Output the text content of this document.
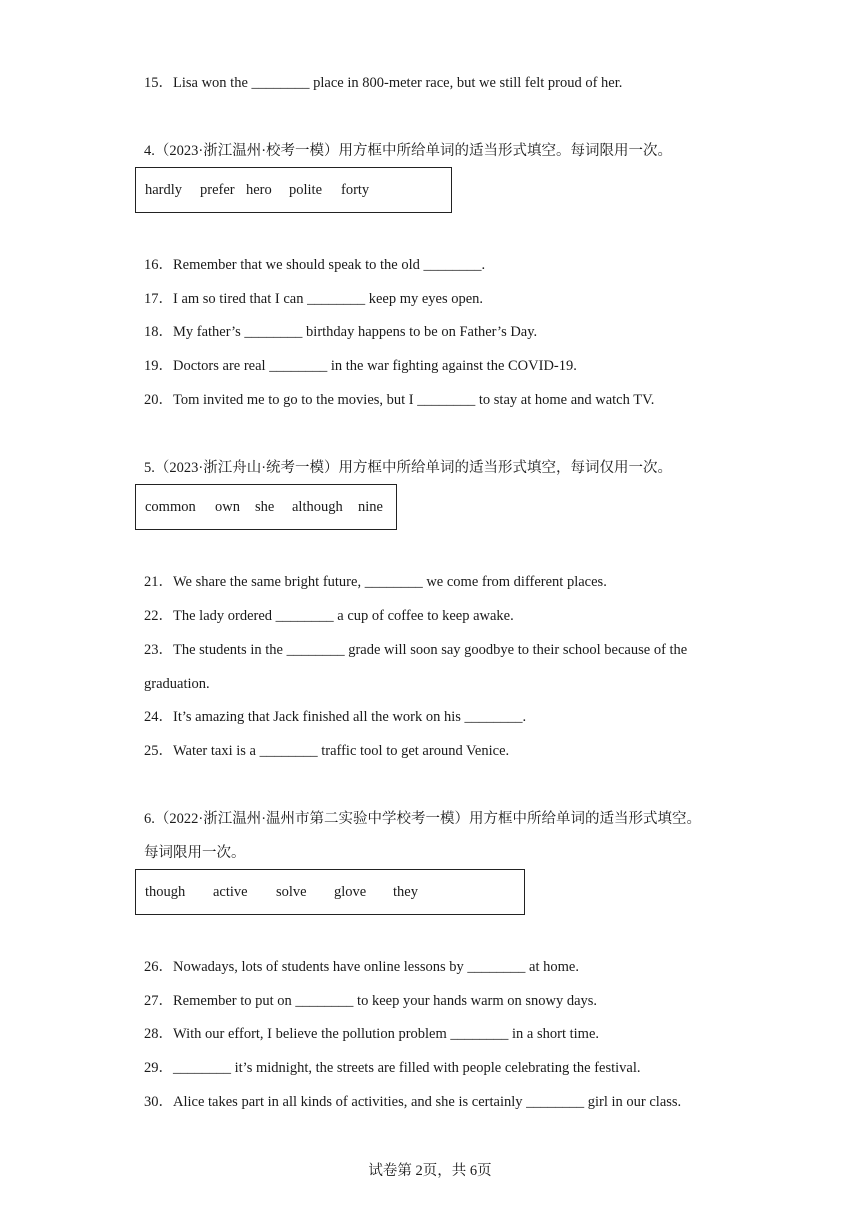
15．Lisa won the ________ place in 800-meter race, but we still felt proud of her.
4.（2023·浙江温州·校考一模）用方框中所给单词的适当形式填空。每词限用一次。
hardly	prefer hero	polite	forty
16．Remember that we should speak to the old ________.
17．I am so tired that I can ________ keep my eyes open.
18．My father’s ________ birthday happens to be on Father’s Day.
19．Doctors are real ________ in the war fighting against the COVID-19.
20．Tom invited me to go to the movies, but I ________ to stay at home and watch TV.
5.（2023·浙江舟山·统考一模）用方框中所给单词的适当形式填空，每词仅用一次。
common	own	she	although	nine
21．We share the same bright future, ________ we come from different places.
22．The lady ordered ________ a cup of coffee to keep awake.
23．The students in the ________ grade will soon say goodbye to their school because of the
graduation.
24．It’s amazing that Jack finished all the work on his ________.
25．Water taxi is a ________ traffic tool to get around Venice.
6.（2022·浙江温州·温州市第二实验中学校考一模）用方框中所给单词的适当形式填空。
每词限用一次。
though	active	solve	glove	they
26．Nowadays, lots of students have online lessons by ________ at home.
27．Remember to put on ________ to keep your hands warm on snowy days.
28．With our effort, I believe the pollution problem ________ in a short time.
29．________ it’s midnight, the streets are filled with people celebrating the festival.
30．Alice takes part in all kinds of activities, and she is certainly ________ girl in our class.
试卷第 2页，共 6页
